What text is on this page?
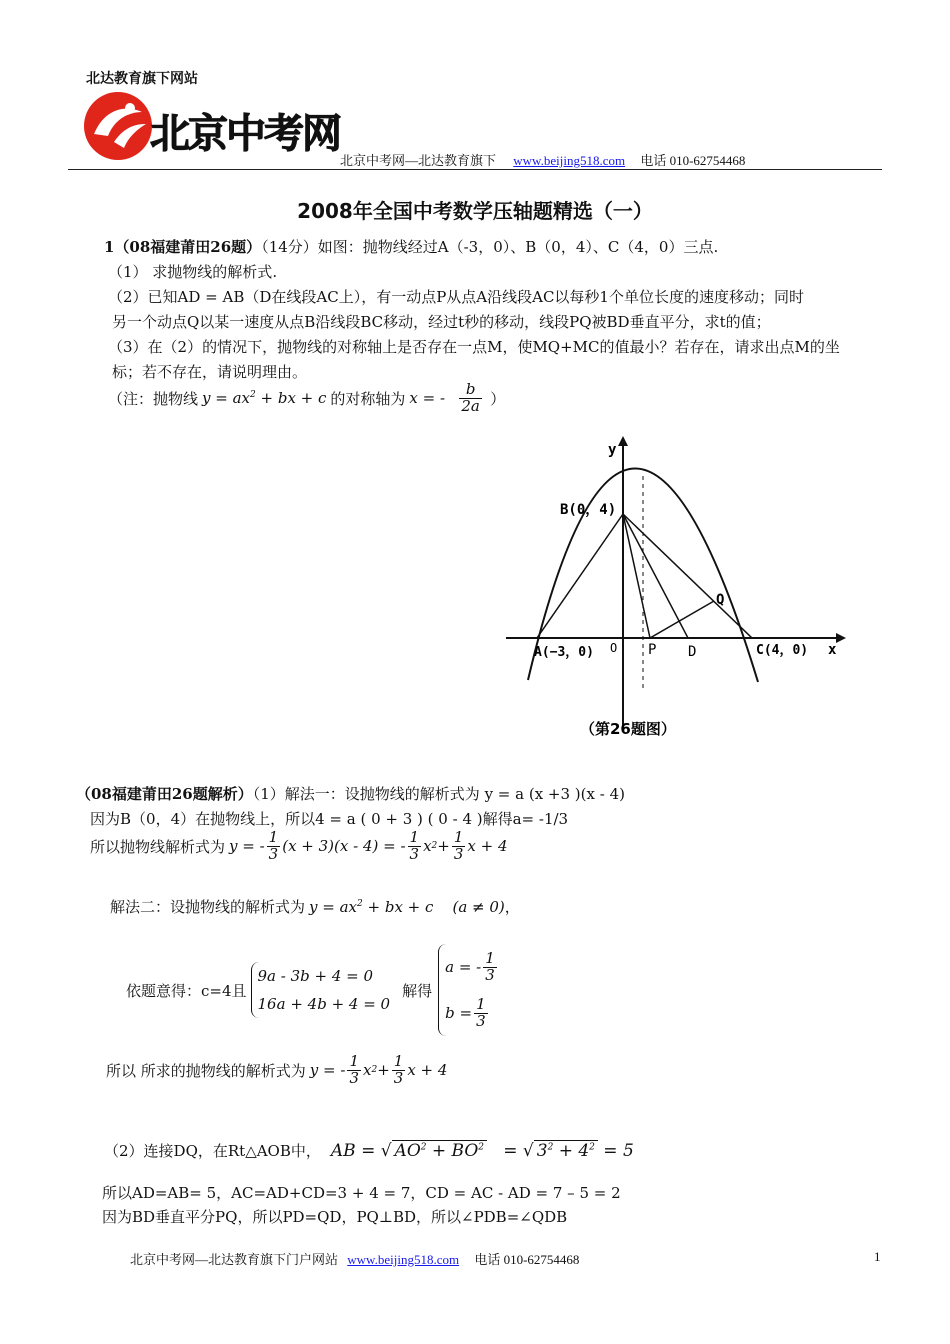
北达教育旗下网站
北京中考网
北京中考网—北达教育旗下 www.beijing518.com 电话 010-62754468
2008年全国中考数学压轴题精选（一）
1（08福建莆田26题）（14分）如图：抛物线经过A（-3，0）、B（0，4）、C（4，0）三点.
（1） 求抛物线的解析式.
（2）已知AD = AB（D在线段AC上），有一动点P从点A沿线段AC以每秒1个单位长度的速度移动；同时
另一个动点Q以某一速度从点B沿线段BC移动，经过t秒的移动，线段PQ被BD垂直平分，求t的值；
（3）在（2）的情况下，抛物线的对称轴上是否存在一点M，使MQ+MC的值最小？若存在，请求出点M的坐
标；若不存在，请说明理由。
（注：抛物线 $y = ax^2$ + bx + c 的对称轴为 x = - $\frac{b}{2a}$ ）
y
x
B(0，4)
A(−3，0)	C(4，0)
O P D
Q
（第26题图）
（08福建莆田26题解析）（1）解法一：设抛物线的解析式为 y = a (x +3 )(x - 4)
因为B（0，4）在抛物线上，所以4 = a ( 0 + 3 ) ( 0 - 4 )解得a= -1/3
所以抛物线解析式为 y = - $\frac{1}{3} (x + 3)(x - 4)$ = - $\frac{1}{3}$ x $2 + \frac{1}{3}$ x + 4
解法二：设抛物线的解析式为 $y = ax^2$ + bx + c    (a ≠ 0) ，
依题意得：c=4且
9a - 3b + 4 = 0
16a + 4b + 4 = 0
解得
a = - $\frac{1}{3}$
$b = \frac{1}{3}$
所以 所求的抛物线的解析式为 y = - $\frac{1}{3}$ x $2 + \frac{1}{3}$ x + 4
（2）连接DQ，在Rt△AOB中， AB = √ $AO^2 + BO^2$   = √ $3^2 + 4^2 = 5$
所以AD=AB= 5，AC=AD+CD=3 + 4 = 7，CD = AC - AD = 7 – 5 = 2
因为BD垂直平分PQ，所以PD=QD，PQ⊥BD，所以∠PDB=∠QDB
北京中考网—北达教育旗下门户网站 www.beijing518.com 电话 010-62754468	1
